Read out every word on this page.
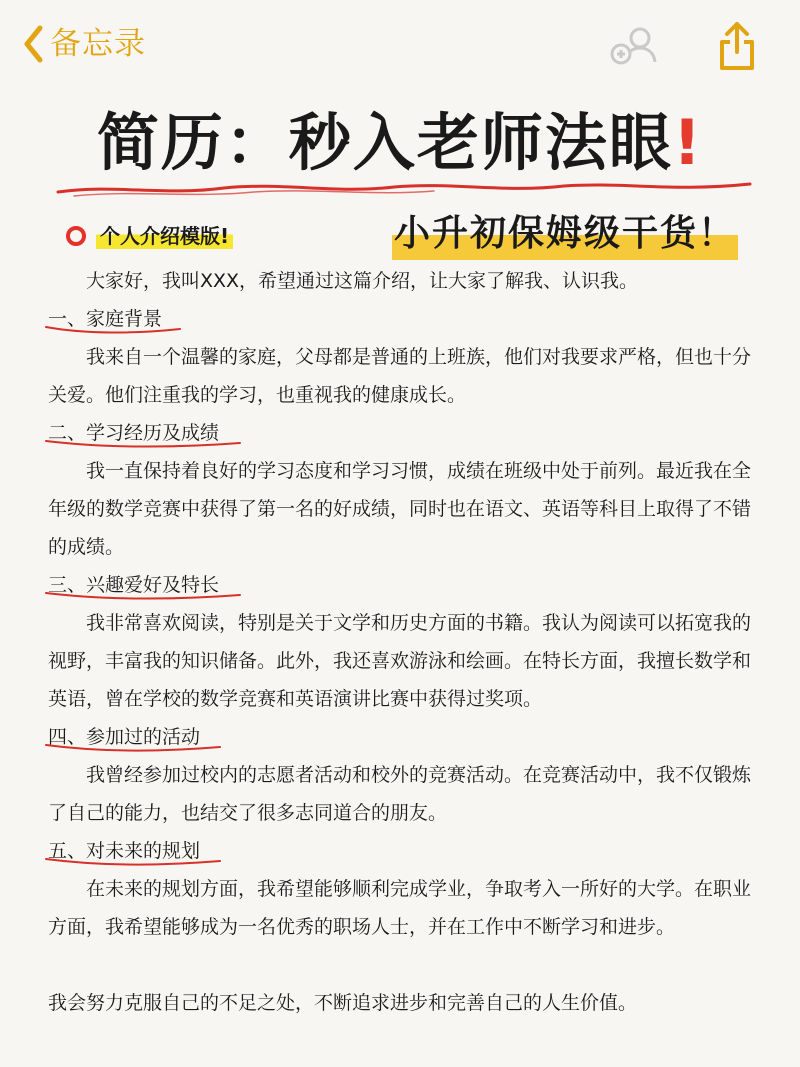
备忘录
简历：秒入老师法眼!
个人介绍模版!	小升初保姆级干货！

大家好，我叫XXX，希望通过这篇介绍，让大家了解我、认识我。

一、家庭背景

我来自一个温馨的家庭，父母都是普通的上班族，他们对我要求严格，但也十分关爱。他们注重我的学习，也重视我的健康成长。

二、学习经历及成绩

我一直保持着良好的学习态度和学习习惯，成绩在班级中处于前列。最近我在全年级的数学竞赛中获得了第一名的好成绩，同时也在语文、英语等科目上取得了不错的成绩。

三、兴趣爱好及特长

我非常喜欢阅读，特别是关于文学和历史方面的书籍。我认为阅读可以拓宽我的视野，丰富我的知识储备。此外，我还喜欢游泳和绘画。在特长方面，我擅长数学和英语，曾在学校的数学竞赛和英语演讲比赛中获得过奖项。

四、参加过的活动

我曾经参加过校内的志愿者活动和校外的竞赛活动。在竞赛活动中，我不仅锻炼了自己的能力，也结交了很多志同道合的朋友。

五、对未来的规划

在未来的规划方面，我希望能够顺利完成学业，争取考入一所好的大学。在职业方面，我希望能够成为一名优秀的职场人士，并在工作中不断学习和进步。

我会努力克服自己的不足之处，不断追求进步和完善自己的人生价值。
